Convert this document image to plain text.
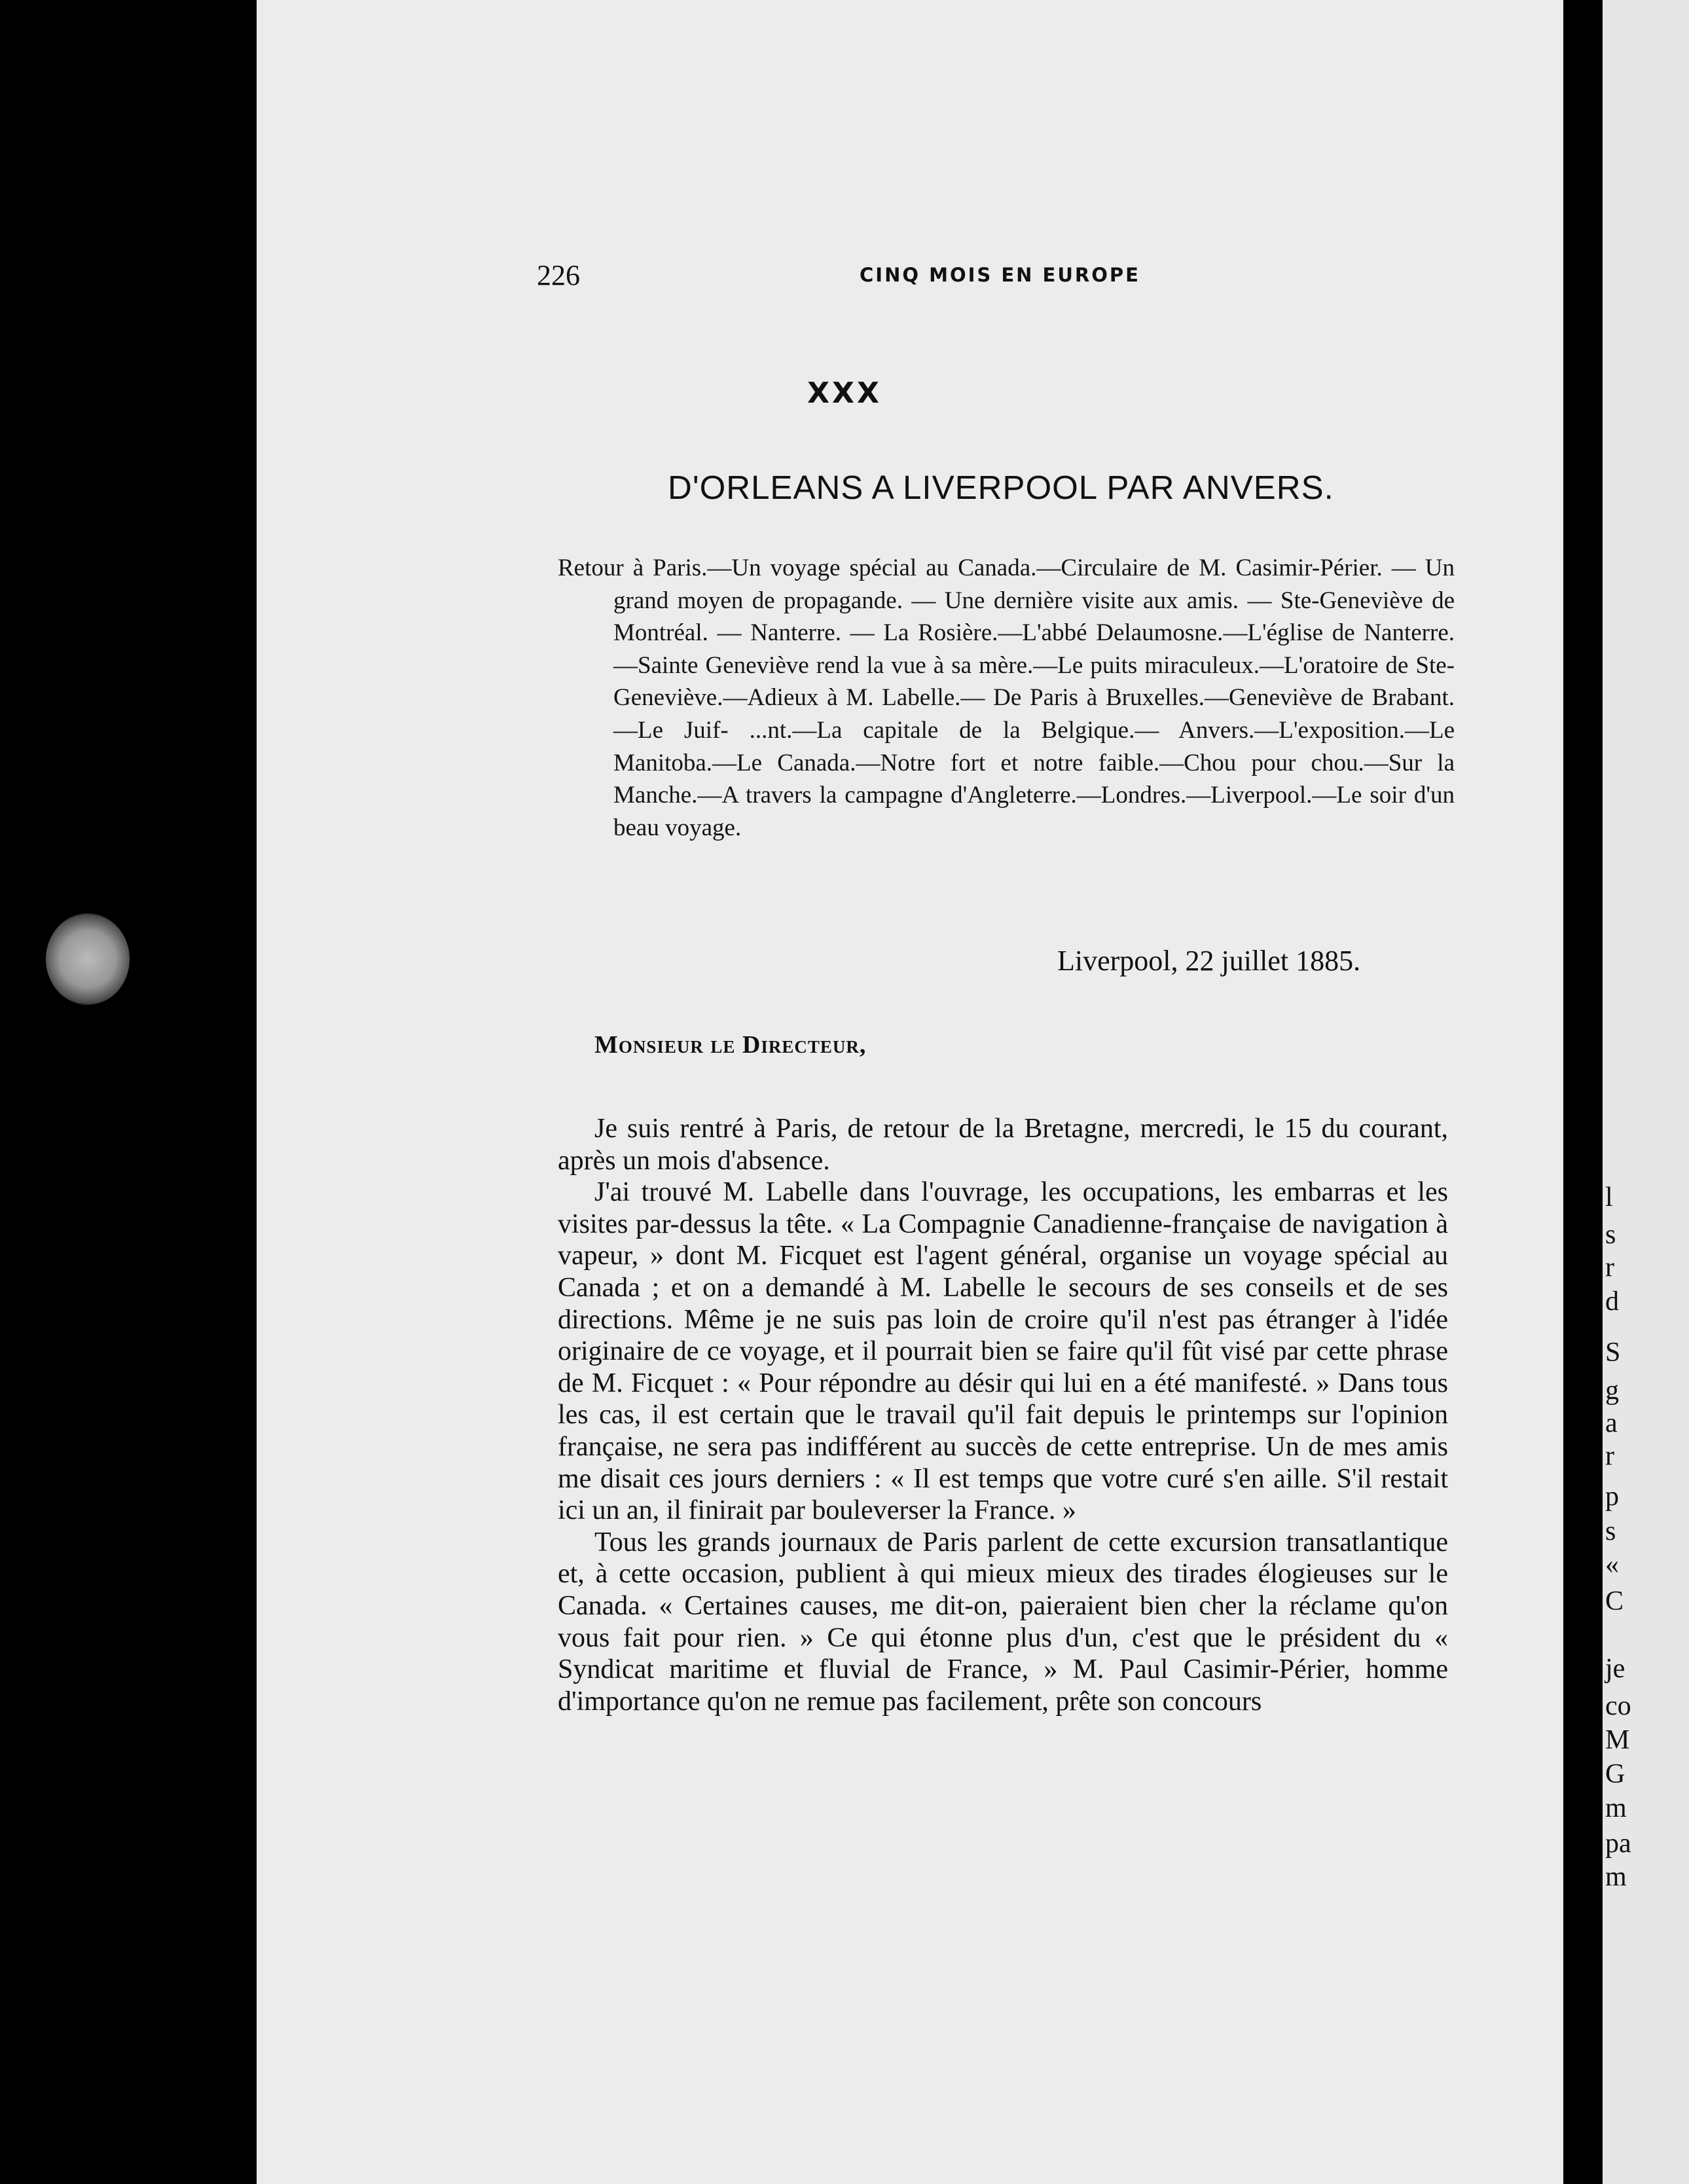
226	CINQ MOIS EN EUROPE
XXX
D'ORLEANS A LIVERPOOL PAR ANVERS.
Retour à Paris.—Un voyage spécial au Canada.—Circulaire de M. Casimir-Périer. — Un grand moyen de propagande. — Une dernière visite aux amis. — Ste-Geneviève de Montréal. — Nanterre. — La Rosière.—L'abbé Delaumosne.—L'église de Nanterre.—Sainte Geneviève rend la vue à sa mère.—Le puits miraculeux.—L'oratoire de Ste-Geneviève.—Adieux à M. Labelle.— De Paris à Bruxelles.—Geneviève de Brabant.—Le Juif- ...nt.—La capitale de la Belgique.— Anvers.—L'exposition.—Le Manitoba.—Le Canada.—Notre fort et notre faible.—Chou pour chou.—Sur la Manche.—A travers la campagne d'Angleterre.—Londres.—Liverpool.—Le soir d'un beau voyage.
Liverpool, 22 juillet 1885.
Monsieur le Directeur,

Je suis rentré à Paris, de retour de la Bretagne, mercredi, le 15 du courant, après un mois d'absence.

J'ai trouvé M. Labelle dans l'ouvrage, les occupations, les embarras et les visites par-dessus la tête. « La Compagnie Canadienne-française de navigation à vapeur, » dont M. Ficquet est l'agent général, organise un voyage spécial au Canada ; et on a demandé à M. Labelle le secours de ses conseils et de ses directions. Même je ne suis pas loin de croire qu'il n'est pas étranger à l'idée originaire de ce voyage, et il pourrait bien se faire qu'il fût visé par cette phrase de M. Ficquet : « Pour répondre au désir qui lui en a été manifesté. » Dans tous les cas, il est certain que le travail qu'il fait depuis le printemps sur l'opinion française, ne sera pas indifférent au succès de cette entreprise. Un de mes amis me disait ces jours derniers : « Il est temps que votre curé s'en aille. S'il restait ici un an, il finirait par bouleverser la France. »

Tous les grands journaux de Paris parlent de cette excursion transatlantique et, à cette occasion, publient à qui mieux mieux des tirades élogieuses sur le Canada. « Certaines causes, me dit-on, paieraient bien cher la réclame qu'on vous fait pour rien. » Ce qui étonne plus d'un, c'est que le président du « Syndicat maritime et fluvial de France, » M. Paul Casimir-Périer, homme d'importance qu'on ne remue pas facilement, prête son concours

l
s
r
d
S
g
a
r
p
s
«
C
je
co
M
G
m
pa
m
